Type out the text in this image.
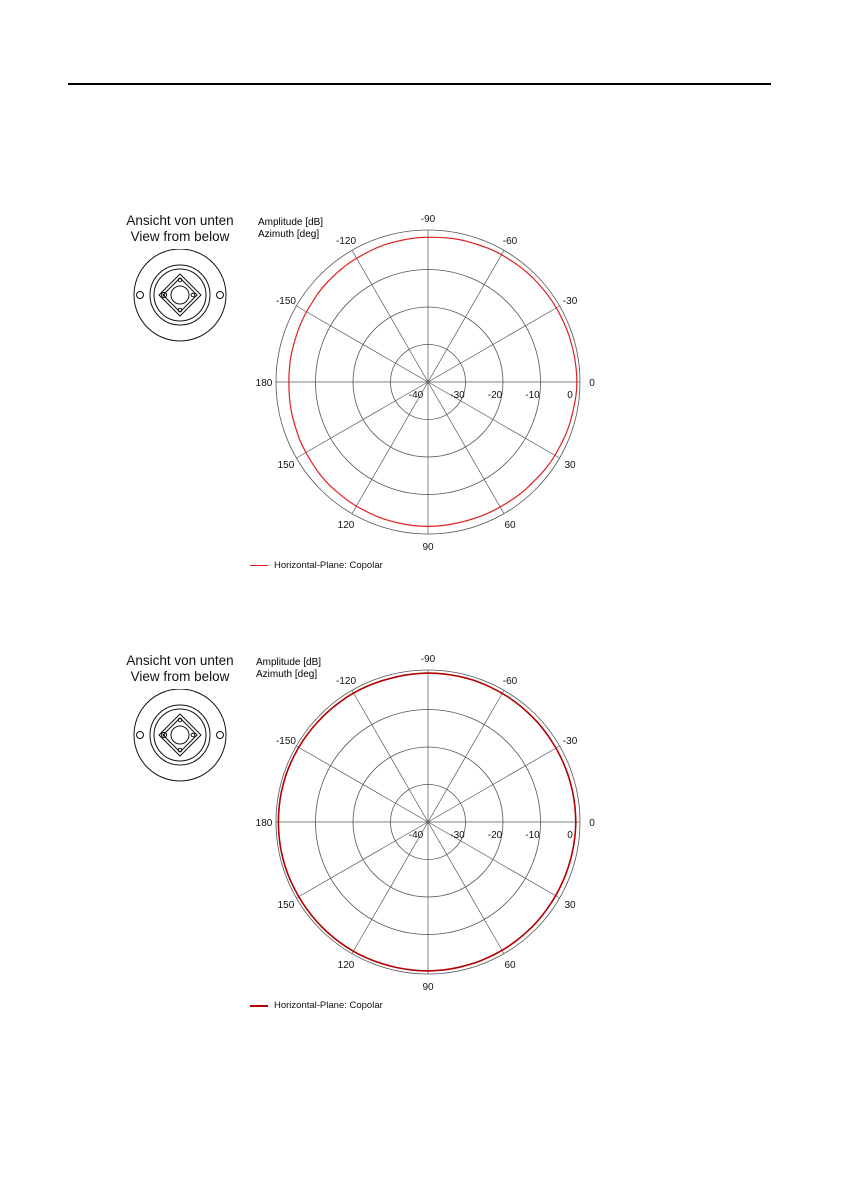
Ansicht von unten
View from below
Amplitude [dB]
Azimuth [deg]
-90
-60
-30
0
30
60
90
120
150
180
-150
-120
-40	-30 -20 -10	0
Horizontal-Plane: Copolar
Ansicht von unten
View from below
Amplitude [dB]
Azimuth [deg]
-90
-60
-30
0
30
60
90
120
150
180
-150
-120
-40	-30 -20 -10	0
Horizontal-Plane: Copolar
